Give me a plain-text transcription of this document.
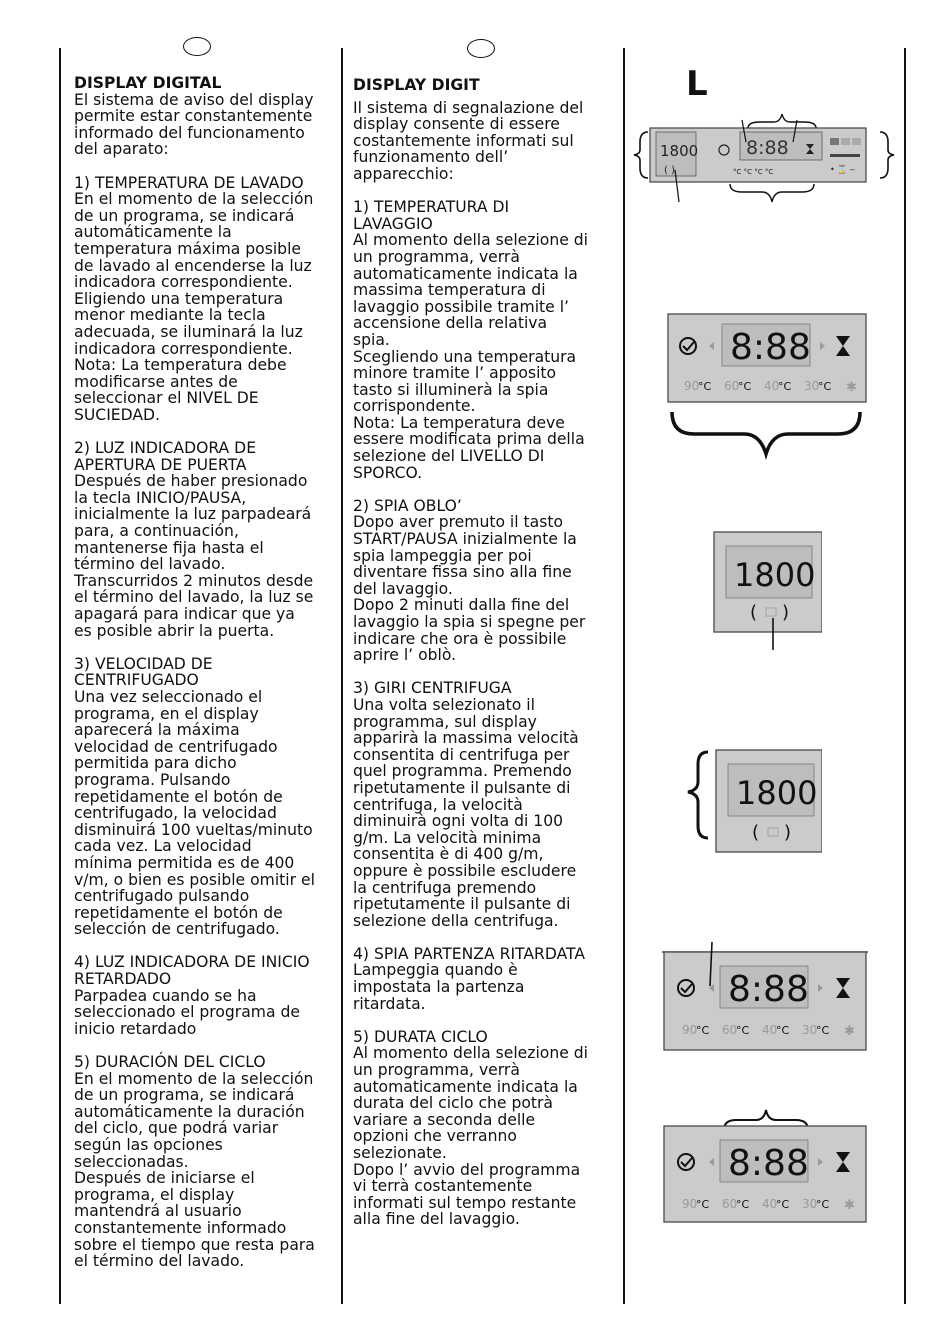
L

DISPLAY DIGITAL

El sistema de aviso del display
permite estar constantemente
informado del funcionamento
del aparato:

1) TEMPERATURA DE LAVADO
En el momento de la selección
de un programa, se indicará
automáticamente la
temperatura máxima posible
de lavado al encenderse la luz
indicadora correspondiente.
Eligiendo una temperatura
menor mediante la tecla
adecuada, se iluminará la luz
indicadora correspondiente.
Nota: La temperatura debe
modificarse antes de
seleccionar el NIVEL DE
SUCIEDAD.

2) LUZ INDICADORA DE
APERTURA DE PUERTA
Después de haber presionado
la tecla INICIO/PAUSA,
inicialmente la luz parpadeará
para, a continuación,
mantenerse fija hasta el
término del lavado.
Transcurridos 2 minutos desde
el término del lavado, la luz se
apagará para indicar que ya
es posible abrir la puerta.

3) VELOCIDAD DE
CENTRIFUGADO
Una vez seleccionado el
programa, en el display
aparecerá la máxima
velocidad de centrifugado
permitida para dicho
programa. Pulsando
repetidamente el botón de
centrifugado, la velocidad
disminuirá 100 vueltas/minuto
cada vez. La velocidad
mínima permitida es de 400
v/m, o bien es posible omitir el
centrifugado pulsando
repetidamente el botón de
selección de centrifugado.

4) LUZ INDICADORA DE INICIO
RETARDADO
Parpadea cuando se ha
seleccionado el programa de
inicio retardado

5) DURACIÓN DEL CICLO
En el momento de la selección
de un programa, se indicará
automáticamente la duración
del ciclo, que podrá variar
según las opciones
seleccionadas.
Después de iniciarse el
programa, el display
mantendrá al usuario
constantemente informado
sobre el tiempo que resta para
el término del lavado.

DISPLAY DIGIT

Il sistema di segnalazione del
display consente di essere
costantemente informati sul
funzionamento dell’
apparecchio:

1) TEMPERATURA DI
LAVAGGIO
Al momento della selezione di
un programma, verrà
automaticamente indicata la
massima temperatura di
lavaggio possibile tramite l’
accensione della relativa
spia.
Scegliendo una temperatura
minore tramite l’ apposito
tasto si illuminerà la spia
corrispondente.
Nota: La temperatura deve
essere modificata prima della
selezione del LIVELLO DI
SPORCO.

2) SPIA OBLO’
Dopo aver premuto il tasto
START/PAUSA inizialmente la
spia lampeggia per poi
diventare fissa sino alla fine
del lavaggio.
Dopo 2 minuti dalla fine del
lavaggio la spia si spegne per
indicare che ora è possibile
aprire l’ oblò.

3) GIRI CENTRIFUGA
Una volta selezionato il
programma, sul display
apparirà la massima velocità
consentita di centrifuga per
quel programma. Premendo
ripetutamente il pulsante di
centrifuga, la velocità
diminuirà ogni volta di 100
g/m. La velocità minima
consentita è di 400 g/m,
oppure è possibile escludere
la centrifuga premendo
ripetutamente il pulsante di
selezione della centrifuga.

4) SPIA PARTENZA RITARDATA
Lampeggia quando è
impostata la partenza
ritardata.

5) DURATA CICLO
Al momento della selezione di
un programma, verrà
automaticamente indicata la
durata del ciclo che potrà
variare a seconda delle
opzioni che verranno
selezionate.
Dopo l’ avvio del programma
vi terrà costantemente
informati sul tempo restante
alla fine del lavaggio.

1800
( )
8:88
°C °C °C °C	• ⌛ ‒
8:88
90
°C 60
°C 40
°C 30
°C ✱
1800
( )
1800
( )
8:88
90
°C 60
°C 40
°C 30
°C ✱
8:88
90
°C 60
°C 40
°C 30
°C ✱
